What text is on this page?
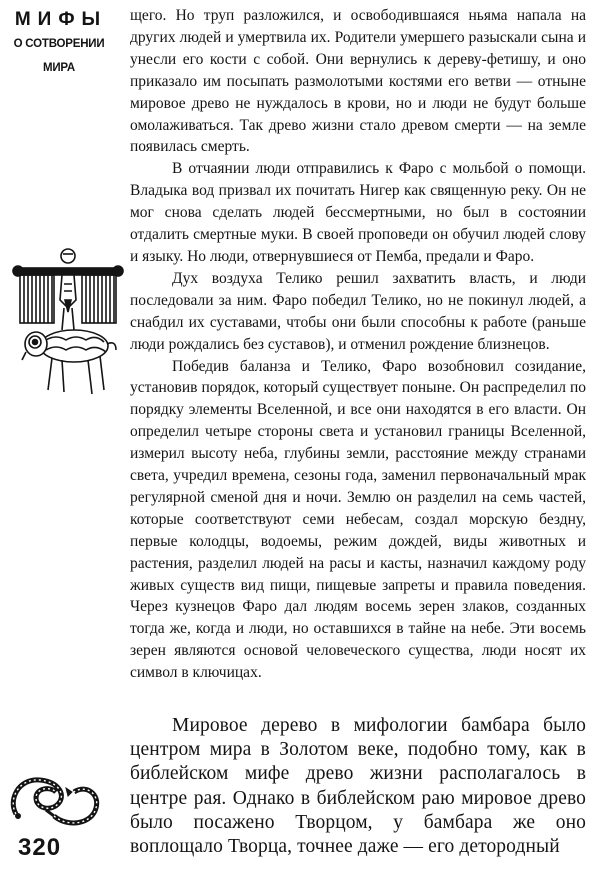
МИФЫ
О СОТВОРЕНИИ
МИРА
320

щего. Но труп разложился, и освободившаяся ньяма напала на других людей и умертвила их. Родители умершего разыскали сына и унесли его кости с собой. Они вернулись к дереву-фетишу, и оно приказало им посыпать размолотыми костями его ветви — отныне мировое древо не нуждалось в крови, но и люди не будут больше омолаживаться. Так древо жизни стало древом смерти — на земле появилась смерть.

В отчаянии люди отправились к Фаро с мольбой о помощи. Владыка вод призвал их почитать Нигер как священную реку. Он не мог снова сделать людей бессмертными, но был в состоянии отдалить смертные муки. В своей проповеди он обучил людей слову и языку. Но люди, отвернувшиеся от Пемба, предали и Фаро.

Дух воздуха Телико решил захватить власть, и люди последовали за ним. Фаро победил Телико, но не покинул людей, а снабдил их суставами, чтобы они были способны к работе (раньше люди рождались без суставов), и отменил рождение близнецов.

Победив баланза и Телико, Фаро возобновил созидание, установив порядок, который существует поныне. Он распределил по порядку элементы Вселенной, и все они находятся в его власти. Он определил четыре стороны света и установил границы Вселенной, измерил высоту неба, глубины земли, расстояние между странами света, учредил времена, сезоны года, заменил первоначальный мрак регулярной сменой дня и ночи. Землю он разделил на семь частей, которые соответствуют семи небесам, создал морскую бездну, первые колодцы, водоемы, режим дождей, виды животных и растения, разделил людей на расы и касты, назначил каждому роду живых существ вид пищи, пищевые запреты и правила поведения. Через кузнецов Фаро дал людям восемь зерен злаков, созданных тогда же, когда и люди, но оставшихся в тайне на небе. Эти восемь зерен являются основой человеческого существа, люди носят их символ в ключицах.

Мировое дерево в мифологии бамбара было центром мира в Золотом веке, подобно тому, как в библейском мифе древо жизни располагалось в центре рая. Однако в библейском раю мировое древо было посажено Творцом, у бамбара же оно воплощало Творца, точнее даже — его детородный
